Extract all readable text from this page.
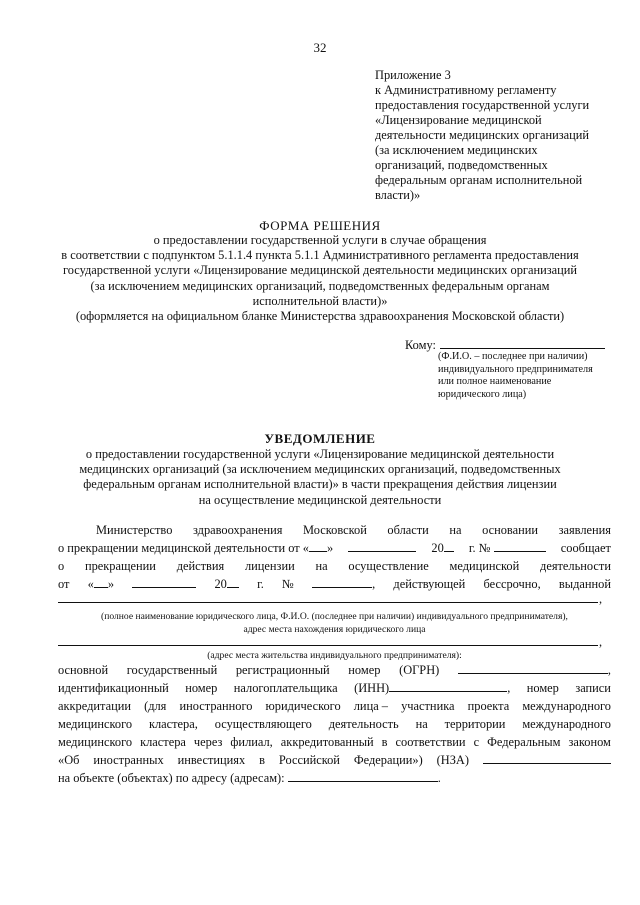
32
Приложение 3
к Административному регламенту
предоставления государственной услуги
«Лицензирование медицинской
деятельности медицинских организаций
(за исключением медицинских
организаций, подведомственных
федеральным органам исполнительной
власти)»
ФОРМА РЕШЕНИЯ
о предоставлении государственной услуги в случае обращения
в соответствии с подпунктом 5.1.1.4 пункта 5.1.1 Административного регламента предоставления
государственной услуги «Лицензирование медицинской деятельности медицинских организаций
(за исключением медицинских организаций, подведомственных федеральным органам
исполнительной власти)»
(оформляется на официальном бланке Министерства здравоохранения Московской области)
Кому:
(Ф.И.О. – последнее при наличии)
индивидуального предпринимателя
или полное наименование
юридического лица)
УВЕДОМЛЕНИЕ
о предоставлении государственной услуги «Лицензирование медицинской деятельности
медицинских организаций (за исключением медицинских организаций, подведомственных
федеральным органам исполнительной власти)» в части прекращения действия лицензии
на осуществление медицинской деятельности
Министерство здравоохранения Московской области на основании заявления
о прекращении медицинской деятельности от « »	20	г. №	сообщает
о прекращении действия лицензии на осуществление медицинской деятельности
от « »	20	г. №	, действующей бессрочно, выданной
,
(полное наименование юридического лица, Ф.И.О. (последнее при наличии) индивидуального предпринимателя),
адрес места нахождения юридического лица
,
(адрес места жительства индивидуального предпринимателя):
основной государственный регистрационный номер (ОГРН)	,
идентификационный номер налогоплательщика (ИНН)	, номер записи
аккредитации (для иностранного юридического лица – участника проекта международного
медицинского кластера, осуществляющего деятельность на территории международного
медицинского кластера через филиал, аккредитованный в соответствии с Федеральным законом
«Об иностранных инвестициях в Российской Федерации») (НЗА)
на объекте (объектах) по адресу (адресам):	.
